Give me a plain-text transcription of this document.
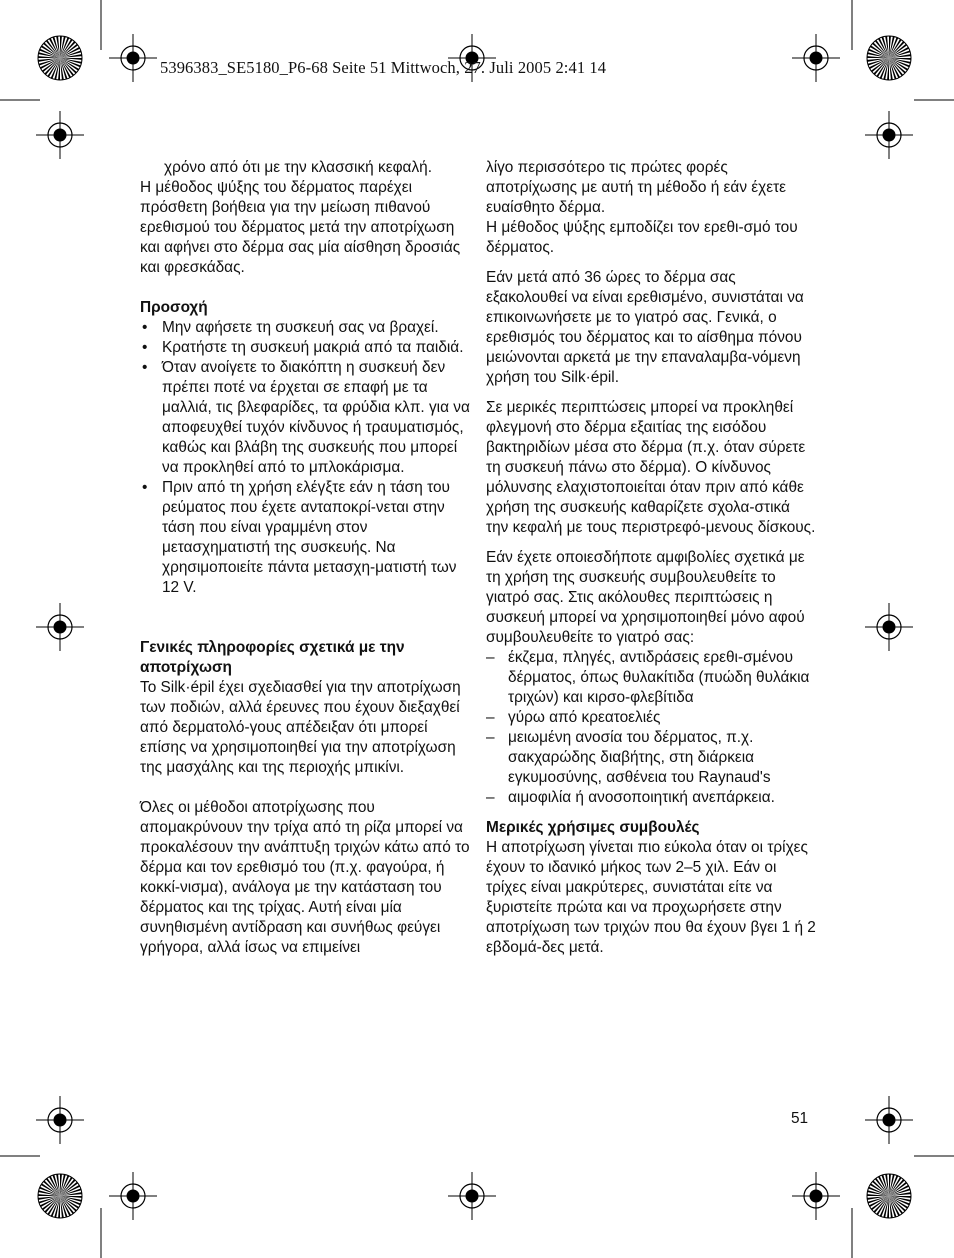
5396383_SE5180_P6-68 Seite 51 Mittwoch, 27. Juli 2005 2:41 14

χρόνο από ότι με την κλασσική κεφαλή.

Η μέθοδος ψύξης του δέρματος παρέχει πρόσθετη βοήθεια για την μείωση πιθανού ερεθισμού του δέρματος μετά την αποτρίχωση και αφήνει στο δέρμα σας μία αίσθηση δροσιάς και φρεσκάδας.

Προσοχή

• Μην αφήσετε τη συσκευή σας να βραχεί.
• Κρατήστε τη συσκευή μακριά από τα παιδιά.
• Όταν ανοίγετε το διακόπτη η συσκευή δεν πρέπει ποτέ να έρχεται σε επαφή με τα μαλλιά, τις βλεφαρίδες, τα φρύδια κλπ. για να αποφευχθεί τυχόν κίνδυνος ή τραυματισμός, καθώς και βλάβη της συσκευής που μπορεί να προκληθεί από το μπλοκάρισμα.
• Πριν από τη χρήση ελέγξτε εάν η τάση του ρεύματος που έχετε ανταποκρί-νεται στην τάση που είναι γραμμένη στον μετασχηματιστή της συσκευής. Να χρησιμοποιείτε πάντα μετασχη-ματιστή των 12 V.

Γενικές πληροφορίες σχετικά με την αποτρίχωση

Το Silk·épil έχει σχεδιασθεί για την αποτρίχωση των ποδιών, αλλά έρευνες που έχουν διεξαχθεί από δερματολό-γους απέδειξαν ότι μπορεί επίσης να χρησιμοποιηθεί για την αποτρίχωση της μασχάλης και της περιοχής μπικίνι.

Όλες οι μέθοδοι αποτρίχωσης που απομακρύνουν την τρίχα από τη ρίζα μπορεί να προκαλέσουν την ανάπτυξη τριχών κάτω από το δέρμα και τον ερεθισμό του (π.χ. φαγούρα, ή κοκκί-νισμα), ανάλογα με την κατάσταση του δέρματος και της τρίχας. Αυτή είναι μία συνηθισμένη αντίδραση και συνήθως φεύγει γρήγορα, αλλά ίσως να επιμείνει

λίγο περισσότερο τις πρώτες φορές αποτρίχωσης με αυτή τη μέθοδο ή εάν έχετε ευαίσθητο δέρμα.

Η μέθοδος ψύξης εμποδίζει τον ερεθι-σμό του δέρματος.

Εάν μετά από 36 ώρες το δέρμα σας εξακολουθεί να είναι ερεθισμένο, συνιστάται να επικοινωνήσετε με το γιατρό σας. Γενικά, ο ερεθισμός του δέρματος και το αίσθημα πόνου μειώνονται αρκετά με την επαναλαμβα-νόμενη χρήση του Silk·épil.

Σε μερικές περιπτώσεις μπορεί να προκληθεί φλεγμονή στο δέρμα εξαιτίας της εισόδου βακτηριδίων μέσα στο δέρμα (π.χ. όταν σύρετε τη συσκευή πάνω στο δέρμα). Ο κίνδυνος μόλυνσης ελαχιστοποιείται όταν πριν από κάθε χρήση της συσκευής καθαρίζετε σχολα-στικά την κεφαλή με τους περιστρεφό-μενους δίσκους.

Εάν έχετε οποιεσδήποτε αμφιβολίες σχετικά με τη χρήση της συσκευής συμβουλευθείτε το γιατρό σας. Στις ακόλουθες περιπτώσεις η συσκευή μπορεί να χρησιμοποιηθεί μόνο αφού συμβουλευθείτε το γιατρό σας:

– έκζεμα, πληγές, αντιδράσεις ερεθι-σμένου δέρματος, όπως θυλακίτιδα (πυώδη θυλάκια τριχών) και κιρσο-φλεβίτιδα
– γύρω από κρεατοελιές
– μειωμένη ανοσία του δέρματος, π.χ. σακχαρώδης διαβήτης, στη διάρκεια εγκυμοσύνης, ασθένεια του Raynaud's
– αιμοφιλία ή ανοσοποιητική ανεπάρκεια.

Μερικές χρήσιμες συμβουλές

Η αποτρίχωση γίνεται πιο εύκολα όταν οι τρίχες έχουν το ιδανικό μήκος των 2–5 χιλ. Εάν οι τρίχες είναι μακρύτερες, συνιστάται είτε να ξυριστείτε πρώτα και να προχωρήσετε στην αποτρίχωση των τριχών που θα έχουν βγει 1 ή 2 εβδομά-δες μετά.

51
